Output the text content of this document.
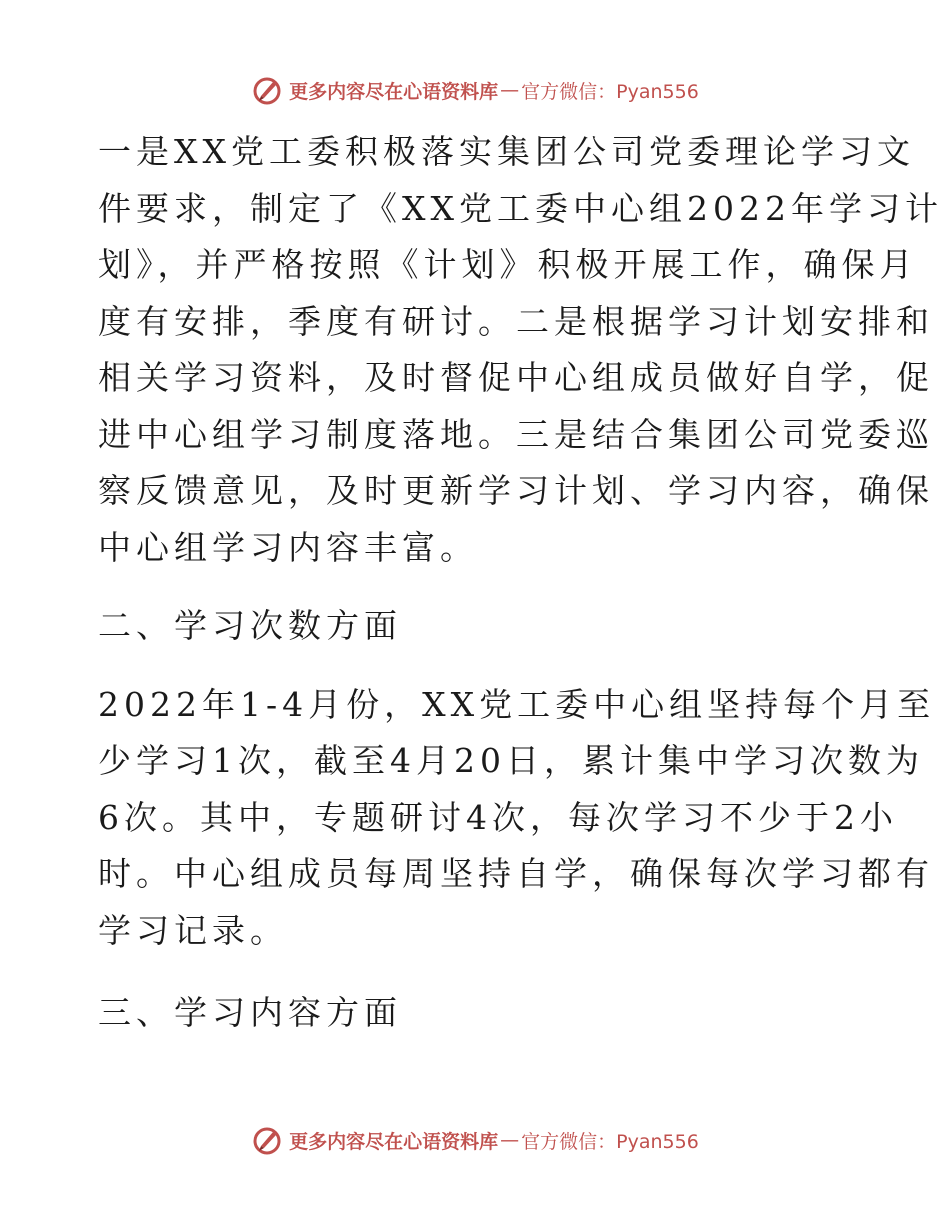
更多内容尽在心语资料库 — 官方微信：Pyan556

一是XX党工委积极落实集团公司党委理论学习文
件要求，制定了《XX党工委中心组2022年学习计
划》，并严格按照《计划》积极开展工作，确保月
度有安排，季度有研讨。二是根据学习计划安排和
相关学习资料，及时督促中心组成员做好自学，促
进中心组学习制度落地。三是结合集团公司党委巡
察反馈意见，及时更新学习计划、学习内容，确保
中心组学习内容丰富。

二、学习次数方面

2022年1-4月份，XX党工委中心组坚持每个月至
少学习1次，截至4月20日，累计集中学习次数为
6次。其中，专题研讨4次，每次学习不少于2小
时。中心组成员每周坚持自学，确保每次学习都有
学习记录。

三、学习内容方面

更多内容尽在心语资料库 — 官方微信：Pyan556
